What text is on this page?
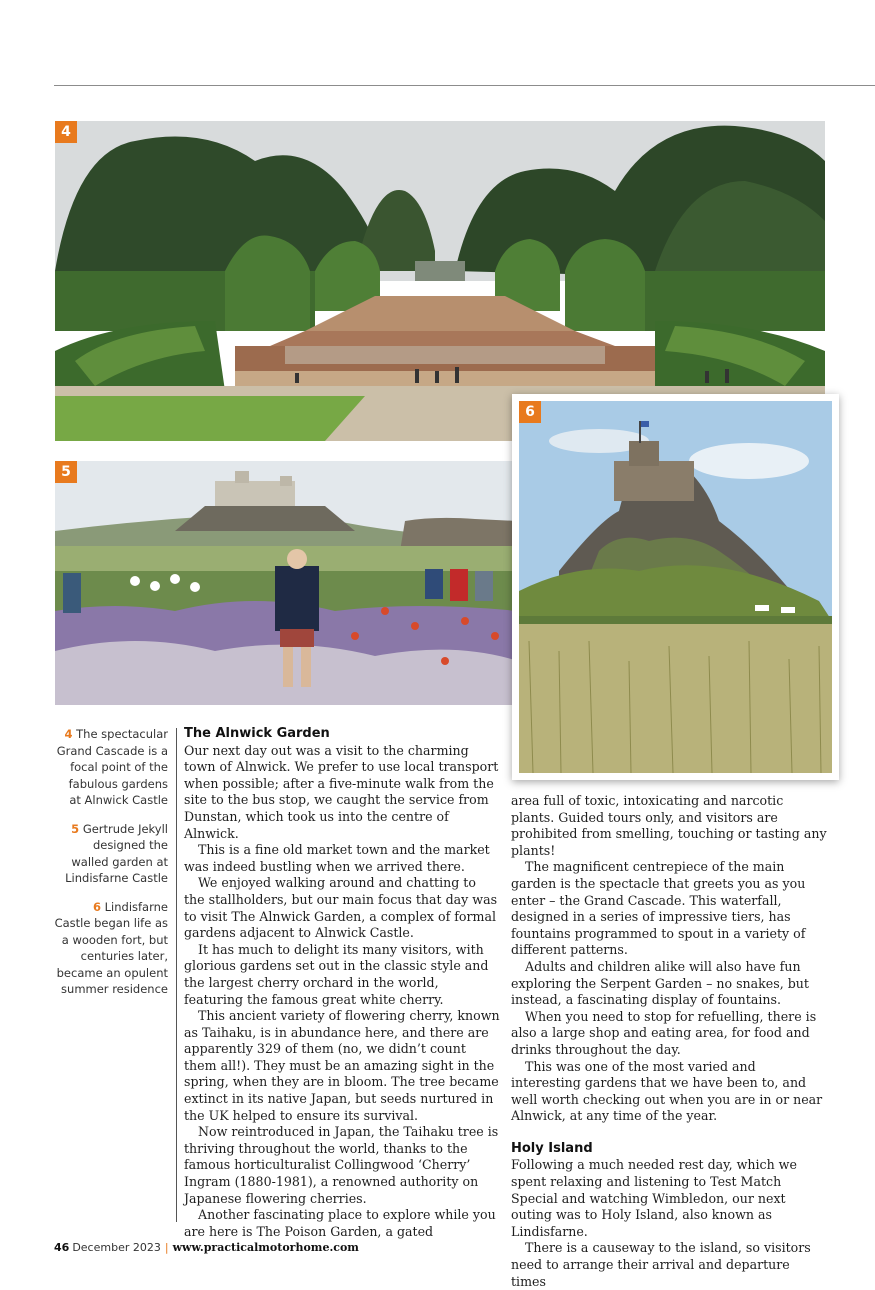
4
5
6

4 The spectacular Grand Cascade is a focal point of the fabulous gardens at Alnwick Castle

5 Gertrude Jekyll designed the walled garden at Lindisfarne Castle

6 Lindisfarne Castle began life as a wooden fort, but centuries later, became an opulent summer residence

The Alnwick Garden

Our next day out was a visit to the charming town of Alnwick. We prefer to use local transport when possible; after a five-minute walk from the site to the bus stop, we caught the service from Dunstan, which took us into the centre of Alnwick.

This is a fine old market town and the market was indeed bustling when we arrived there.

We enjoyed walking around and chatting to the stallholders, but our main focus that day was to visit The Alnwick Garden, a complex of formal gardens adjacent to Alnwick Castle.

It has much to delight its many visitors, with glorious gardens set out in the classic style and the largest cherry orchard in the world, featuring the famous great white cherry.

This ancient variety of flowering cherry, known as Taihaku, is in abundance here, and there are apparently 329 of them (no, we didn’t count them all!). They must be an amazing sight in the spring, when they are in bloom. The tree became extinct in its native Japan, but seeds nurtured in the UK helped to ensure its survival.

Now reintroduced in Japan, the Taihaku tree is thriving throughout the world, thanks to the famous horticulturalist Collingwood ‘Cherry’ Ingram (1880-1981), a renowned authority on Japanese flowering cherries.

Another fascinating place to explore while you are here is The Poison Garden, a gated

area full of toxic, intoxicating and narcotic plants. Guided tours only, and visitors are prohibited from smelling, touching or tasting any plants!

The magnificent centrepiece of the main garden is the spectacle that greets you as you enter – the Grand Cascade. This waterfall, designed in a series of impressive tiers, has fountains programmed to spout in a variety of different patterns.

Adults and children alike will also have fun exploring the Serpent Garden – no snakes, but instead, a fascinating display of fountains.

When you need to stop for refuelling, there is also a large shop and eating area, for food and drinks throughout the day.

This was one of the most varied and interesting gardens that we have been to, and well worth checking out when you are in or near Alnwick, at any time of the year.

Holy Island

Following a much needed rest day, which we spent relaxing and listening to Test Match Special and watching Wimbledon, our next outing was to Holy Island, also known as Lindisfarne.

There is a causeway to the island, so visitors need to arrange their arrival and departure times

46 December 2023 | www.practicalmotorhome.com
